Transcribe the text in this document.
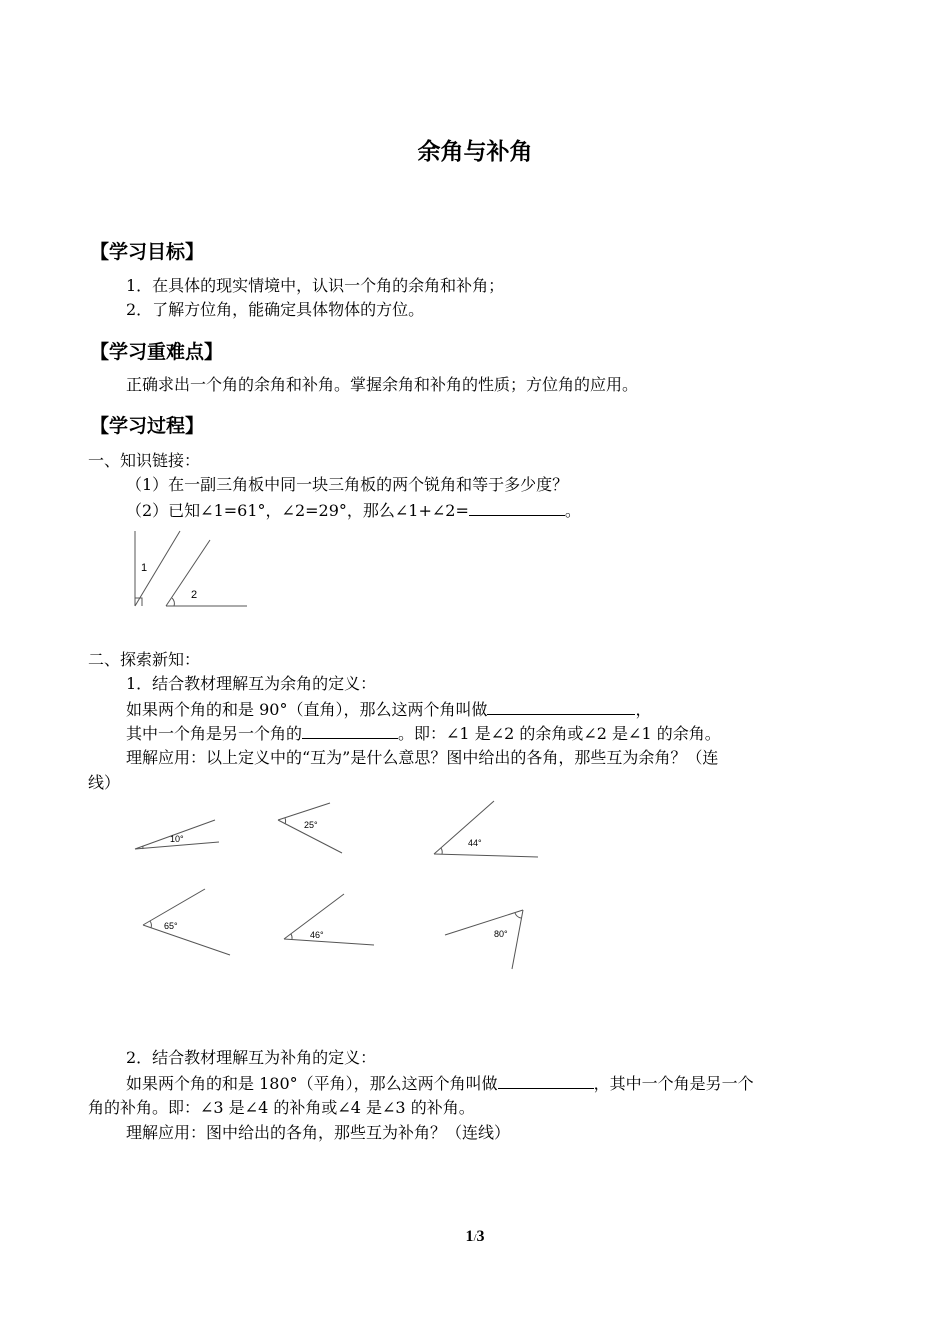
余角与补角
【学习目标】
1．在具体的现实情境中，认识一个角的余角和补角；
2．了解方位角，能确定具体物体的方位。
【学习重难点】
正确求出一个角的余角和补角。掌握余角和补角的性质；方位角的应用。
【学习过程】
一、知识链接：
（1）在一副三角板中同一块三角板的两个锐角和等于多少度？
（2）已知∠1=61°，∠2=29°，那么∠1+∠2=	。
二、探索新知：
1．结合教材理解互为余角的定义：
如果两个角的和是 90°（直角），那么这两个角叫做	，
其中一个角是另一个角的	。即：∠1 是∠2 的余角或∠2 是∠1 的余角。
理解应用：以上定义中的“互为”是什么意思？图中给出的各角，那些互为余角？（连
线）
2．结合教材理解互为补角的定义：
如果两个角的和是 180°（平角），那么这两个角叫做	，其中一个角是另一个
角的补角。即：∠3 是∠4 的补角或∠4 是∠3 的补角。
理解应用：图中给出的各角，那些互为补角？（连线）
1
2
10°
25°
44°
65°
46°	80°
1/3
